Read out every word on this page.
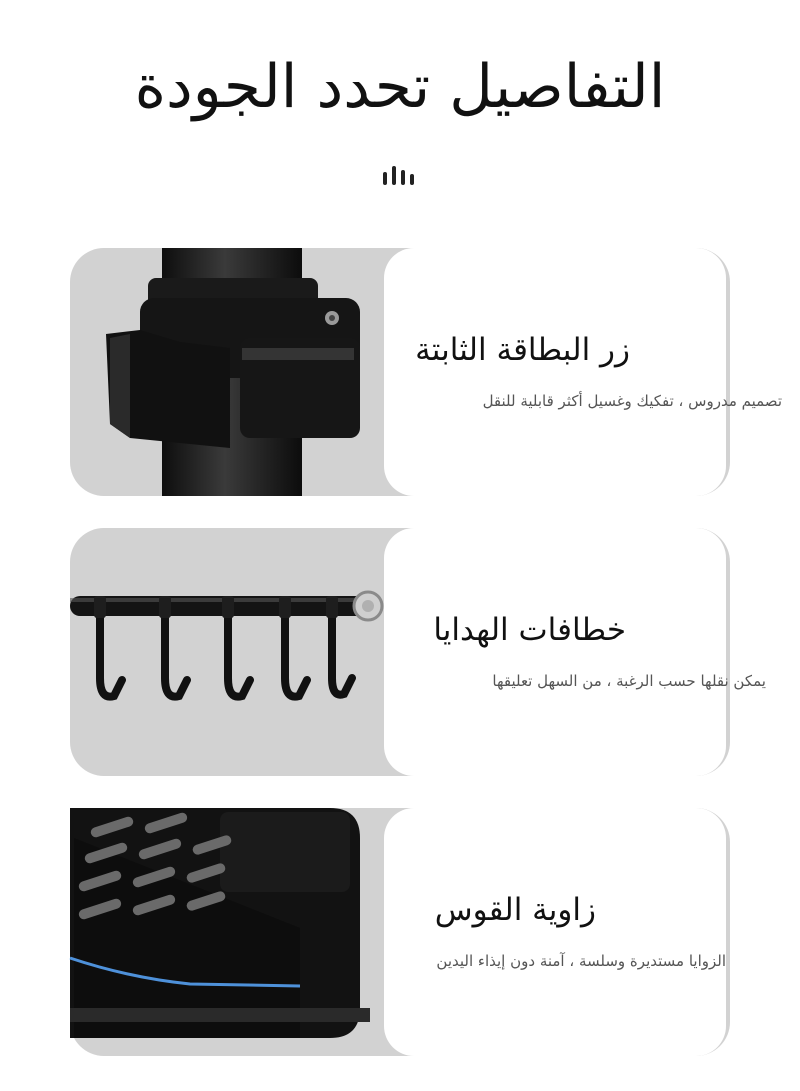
التفاصيل تحدد الجودة
زر البطاقة الثابتة
تصميم مدروس ، تفكيك وغسيل أكثر قابلية للنقل
خطافات الهدايا
يمكن نقلها حسب الرغبة ، من السهل تعليقها
زاوية القوس
الزوايا مستديرة وسلسة ، آمنة دون إيذاء اليدين
